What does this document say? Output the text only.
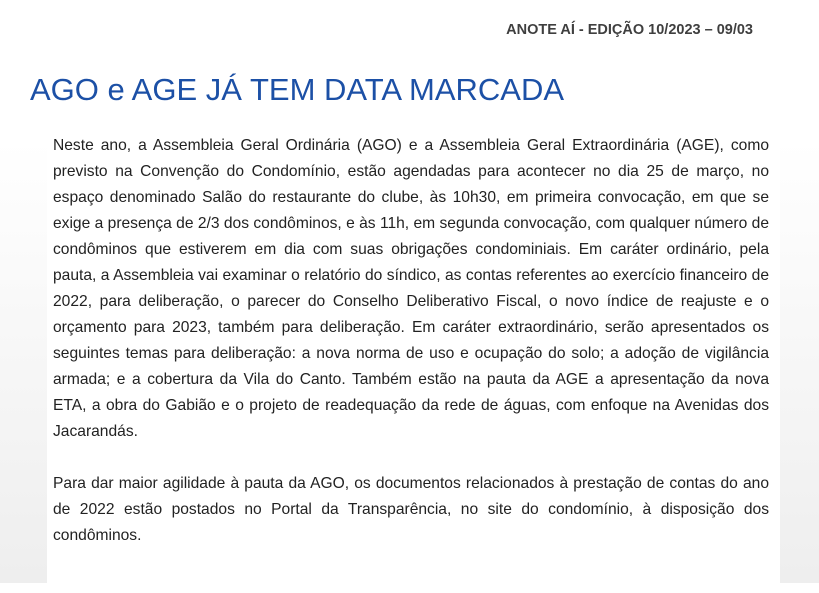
ANOTE AÍ - EDIÇÃO 10/2023 – 09/03
AGO e AGE JÁ TEM DATA MARCADA

Neste ano, a Assembleia Geral Ordinária (AGO) e a Assembleia Geral Extraordinária (AGE), como previsto na Convenção do Condomínio, estão agendadas para acontecer no dia 25 de março, no espaço denominado Salão do restaurante do clube, às 10h30, em primeira convocação, em que se exige a presença de 2/3 dos condôminos, e às 11h, em segunda convocação, com qualquer número de condôminos que estiverem em dia com suas obrigações condominiais. Em caráter ordinário, pela pauta, a Assembleia vai examinar o relatório do síndico, as contas referentes ao exercício financeiro de 2022, para deliberação, o parecer do Conselho Deliberativo Fiscal, o novo índice de reajuste e o orçamento para 2023, também para deliberação. Em caráter extraordinário, serão apresentados os seguintes temas para deliberação: a nova norma de uso e ocupação do solo; a adoção de vigilância armada; e a cobertura da Vila do Canto. Também estão na pauta da AGE a apresentação da nova ETA, a obra do Gabião e o projeto de readequação da rede de águas, com enfoque na Avenidas dos Jacarandás.

Para dar maior agilidade à pauta da AGO, os documentos relacionados à prestação de contas do ano de 2022 estão postados no Portal da Transparência, no site do condomínio, à disposição dos condôminos.
